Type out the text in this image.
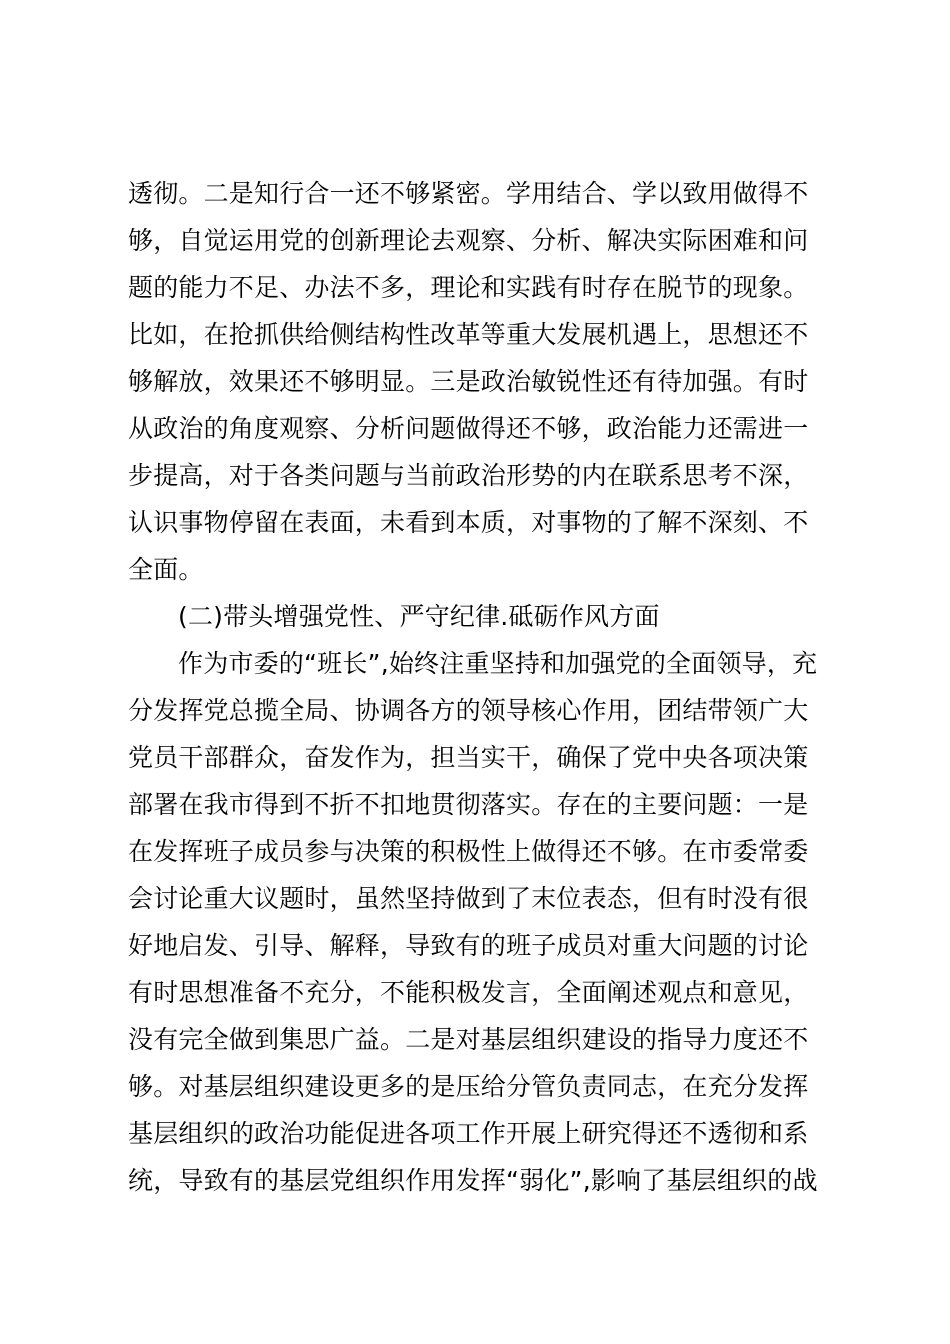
透彻。二是知行合一还不够紧密。学用结合、学以致用做得不
够，自觉运用党的创新理论去观察、分析、解决实际困难和问
题的能力不足、办法不多，理论和实践有时存在脱节的现象。
比如，在抢抓供给侧结构性改革等重大发展机遇上，思想还不
够解放，效果还不够明显。三是政治敏锐性还有待加强。有时
从政治的角度观察、分析问题做得还不够，政治能力还需进一
步提高，对于各类问题与当前政治形势的内在联系思考不深，
认识事物停留在表面，未看到本质，对事物的了解不深刻、不
全面。
(二)带头增强党性、严守纪律.砥砺作风方面
作为市委的“班长”,始终注重坚持和加强党的全面领导，充
分发挥党总揽全局、协调各方的领导核心作用，团结带领广大
党员干部群众，奋发作为，担当实干，确保了党中央各项决策
部署在我市得到不折不扣地贯彻落实。存在的主要问题：一是
在发挥班子成员参与决策的积极性上做得还不够。在市委常委
会讨论重大议题时，虽然坚持做到了末位表态，但有时没有很
好地启发、引导、解释，导致有的班子成员对重大问题的讨论
有时思想准备不充分，不能积极发言，全面阐述观点和意见，
没有完全做到集思广益。二是对基层组织建设的指导力度还不
够。对基层组织建设更多的是压给分管负责同志，在充分发挥
基层组织的政治功能促进各项工作开展上研究得还不透彻和系
统，导致有的基层党组织作用发挥“弱化”,影响了基层组织的战
